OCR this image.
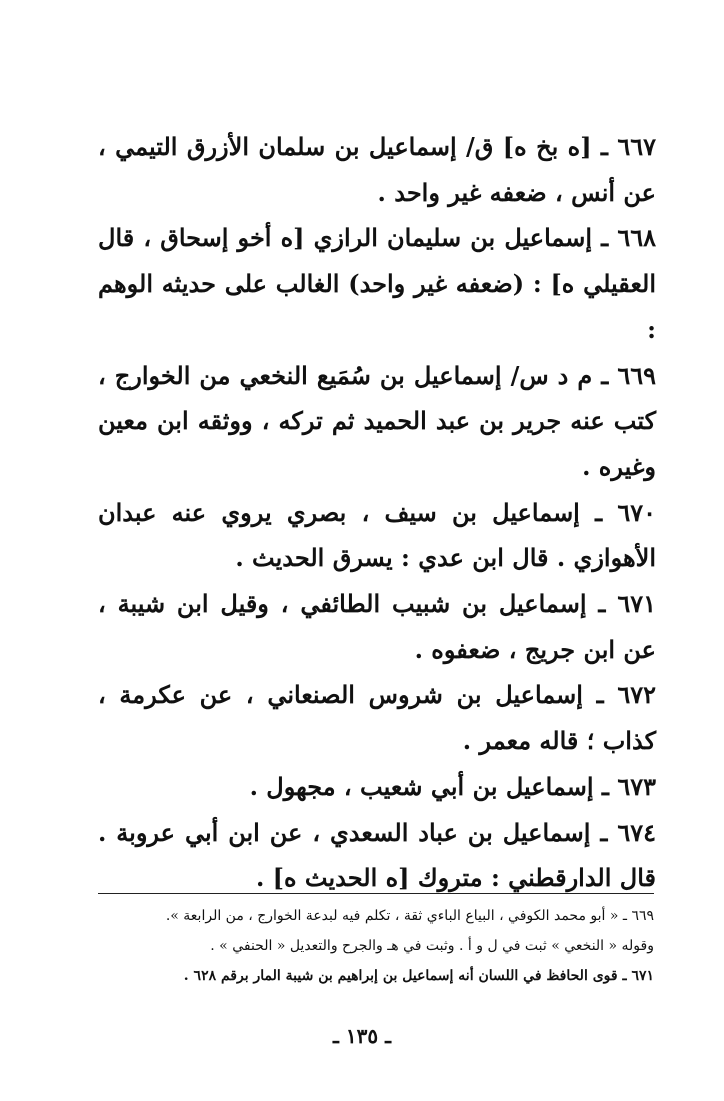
٦٦٧ ـ [ه بخ ه] ق/ إسماعيل بن سلمان الأزرق التيمي ، عن أنس ، ضعفه غير واحد .

٦٦٨ ـ إسماعيل بن سليمان الرازي [ه أخو إسحاق ، قال العقيلي ه] : (ضعفه غير واحد) الغالب على حديثه الوهم :

٦٦٩ ـ م د س/ إسماعيل بن سُمَيع النخعي من الخوارج ، كتب عنه جرير بن عبد الحميد ثم تركه ، ووثقه ابن معين وغيره .

٦٧٠ ـ إسماعيل بن سيف ، بصري يروي عنه عبدان الأهوازي . قال ابن عدي : يسرق الحديث .

٦٧١ ـ إسماعيل بن شبيب الطائفي ، وقيل ابن شيبة ، عن ابن جريج ، ضعفوه .

٦٧٢ ـ إسماعيل بن شروس الصنعاني ، عن عكرمة ، كذاب ؛ قاله معمر .

٦٧٣ ـ إسماعيل بن أبي شعيب ، مجهول .

٦٧٤ ـ إسماعيل بن عباد السعدي ، عن ابن أبي عروبة . قال الدارقطني : متروك [ه الحديث ه] .

٦٦٩ ـ « أبو محمد الكوفي ، البياع الباءي ثقة ، تكلم فيه لبدعة الخوارج ، من الرابعة ».

وقوله « النخعي » ثبت في ل و أ . وثبت في هـ والجرح والتعديل « الحنفي » .

٦٧١ ـ قوى الحافظ في اللسان أنه إسماعيل بن إبراهيم بن شيبة المار برقم ٦٢٨ .

ـ ١٣٥ ـ
